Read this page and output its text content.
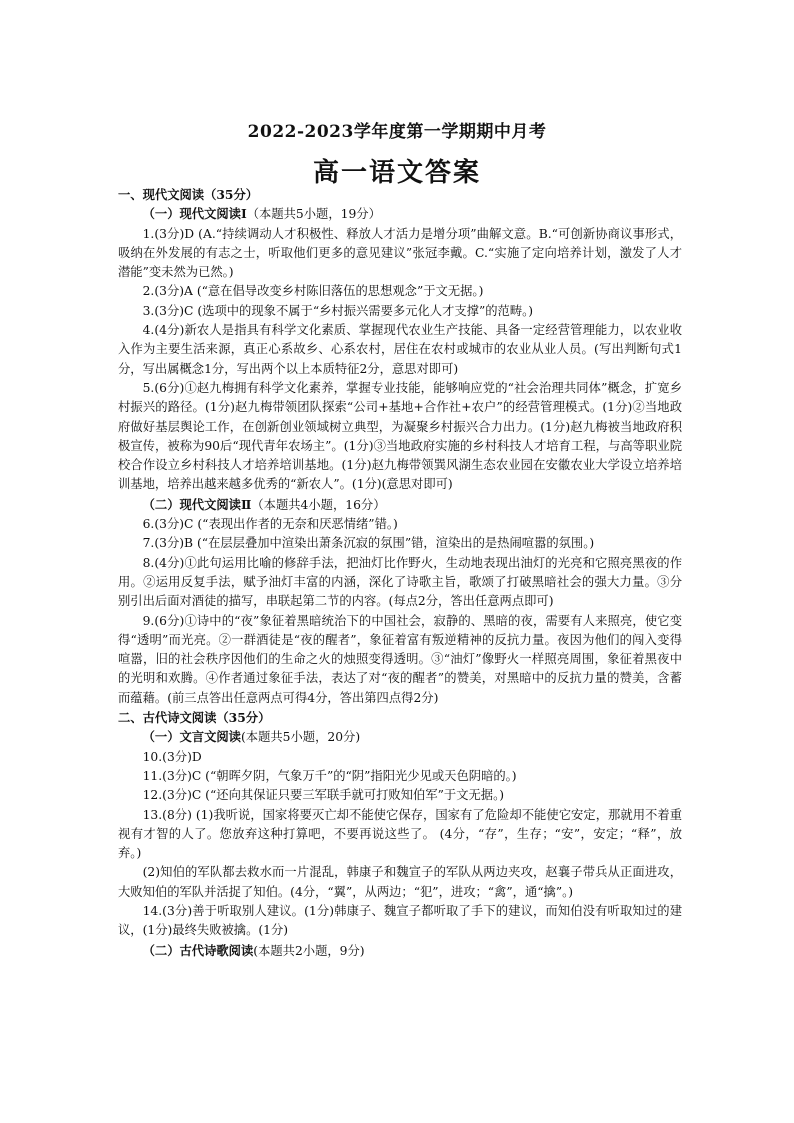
2022-2023学年度第一学期期中月考
高一语文答案

一、现代文阅读（35分）

（一）现代文阅读Ⅰ（本题共5小题，19分）

1.(3分)D (A.“持续调动人才积极性、释放人才活力是增分项”曲解文意。B.“可创新协商议事形式，吸纳在外发展的有志之士，听取他们更多的意见建议”张冠李戴。C.“实施了定向培养计划，激发了人才潜能”变未然为已然。)

2.(3分)A (“意在倡导改变乡村陈旧落伍的思想观念”于文无据。)

3.(3分)C (选项中的现象不属于“乡村振兴需要多元化人才支撑”的范畴。)

4.(4分)新农人是指具有科学文化素质、掌握现代农业生产技能、具备一定经营管理能力，以农业收入作为主要生活来源，真正心系故乡、心系农村，居住在农村或城市的农业从业人员。(写出判断句式1分，写出属概念1分，写出两个以上本质特征2分，意思对即可)

5.(6分)①赵九梅拥有科学文化素养，掌握专业技能，能够响应党的“社会治理共同体”概念，扩宽乡村振兴的路径。(1分)赵九梅带领团队探索“公司+基地+合作社+农户”的经营管理模式。(1分)②当地政府做好基层舆论工作，在创新创业领域树立典型，为凝聚乡村振兴合力出力。(1分)赵九梅被当地政府积极宣传，被称为90后“现代青年农场主”。(1分)③当地政府实施的乡村科技人才培育工程，与高等职业院校合作设立乡村科技人才培养培训基地。(1分)赵九梅带领巽风湖生态农业园在安徽农业大学设立培养培训基地，培养出越来越多优秀的“新农人”。(1分)(意思对即可)

（二）现代文阅读Ⅱ（本题共4小题，16分）

6.(3分)C (“表现出作者的无奈和厌恶情绪”错。)

7.(3分)B (“在层层叠加中渲染出萧条沉寂的氛围”错，渲染出的是热闹喧嚣的氛围。)

8.(4分)①此句运用比喻的修辞手法，把油灯比作野火，生动地表现出油灯的光亮和它照亮黑夜的作用。②运用反复手法，赋予油灯丰富的内涵，深化了诗歌主旨，歌颂了打破黑暗社会的强大力量。③分别引出后面对酒徒的描写，串联起第二节的内容。(每点2分，答出任意两点即可)

9.(6分)①诗中的“夜”象征着黑暗统治下的中国社会，寂静的、黑暗的夜，需要有人来照亮，使它变得“透明”而光亮。②一群酒徒是“夜的醒者”，象征着富有叛逆精神的反抗力量。夜因为他们的闯入变得喧嚣，旧的社会秩序因他们的生命之火的烛照变得透明。③“油灯”像野火一样照亮周围，象征着黑夜中的光明和欢腾。④作者通过象征手法，表达了对“夜的醒者”的赞美，对黑暗中的反抗力量的赞美，含蓄而蕴藉。(前三点答出任意两点可得4分，答出第四点得2分)

二、古代诗文阅读（35分）

（一）文言文阅读(本题共5小题，20分)

10.(3分)D

11.(3分)C (“朝晖夕阴，气象万千”的“阴”指阳光少见或天色阴暗的。)

12.(3分)C (“还向其保证只要三军联手就可打败知伯军”于文无据。)

13.(8分) (1)我听说，国家将要灭亡却不能使它保存，国家有了危险却不能使它安定，那就用不着重视有才智的人了。您放弃这种打算吧，不要再说这些了。 (4分，“存”，生存；“安”，安定；“释”，放弃。)

(2)知伯的军队都去救水而一片混乱，韩康子和魏宣子的军队从两边夹攻，赵襄子带兵从正面进攻，大败知伯的军队并活捉了知伯。(4分，“翼”，从两边；“犯”，进攻；“禽”，通“擒”。)

14.(3分)善于听取别人建议。(1分)韩康子、魏宣子都听取了手下的建议，而知伯没有听取知过的建议，(1分)最终失败被擒。(1分)

（二）古代诗歌阅读(本题共2小题，9分)
